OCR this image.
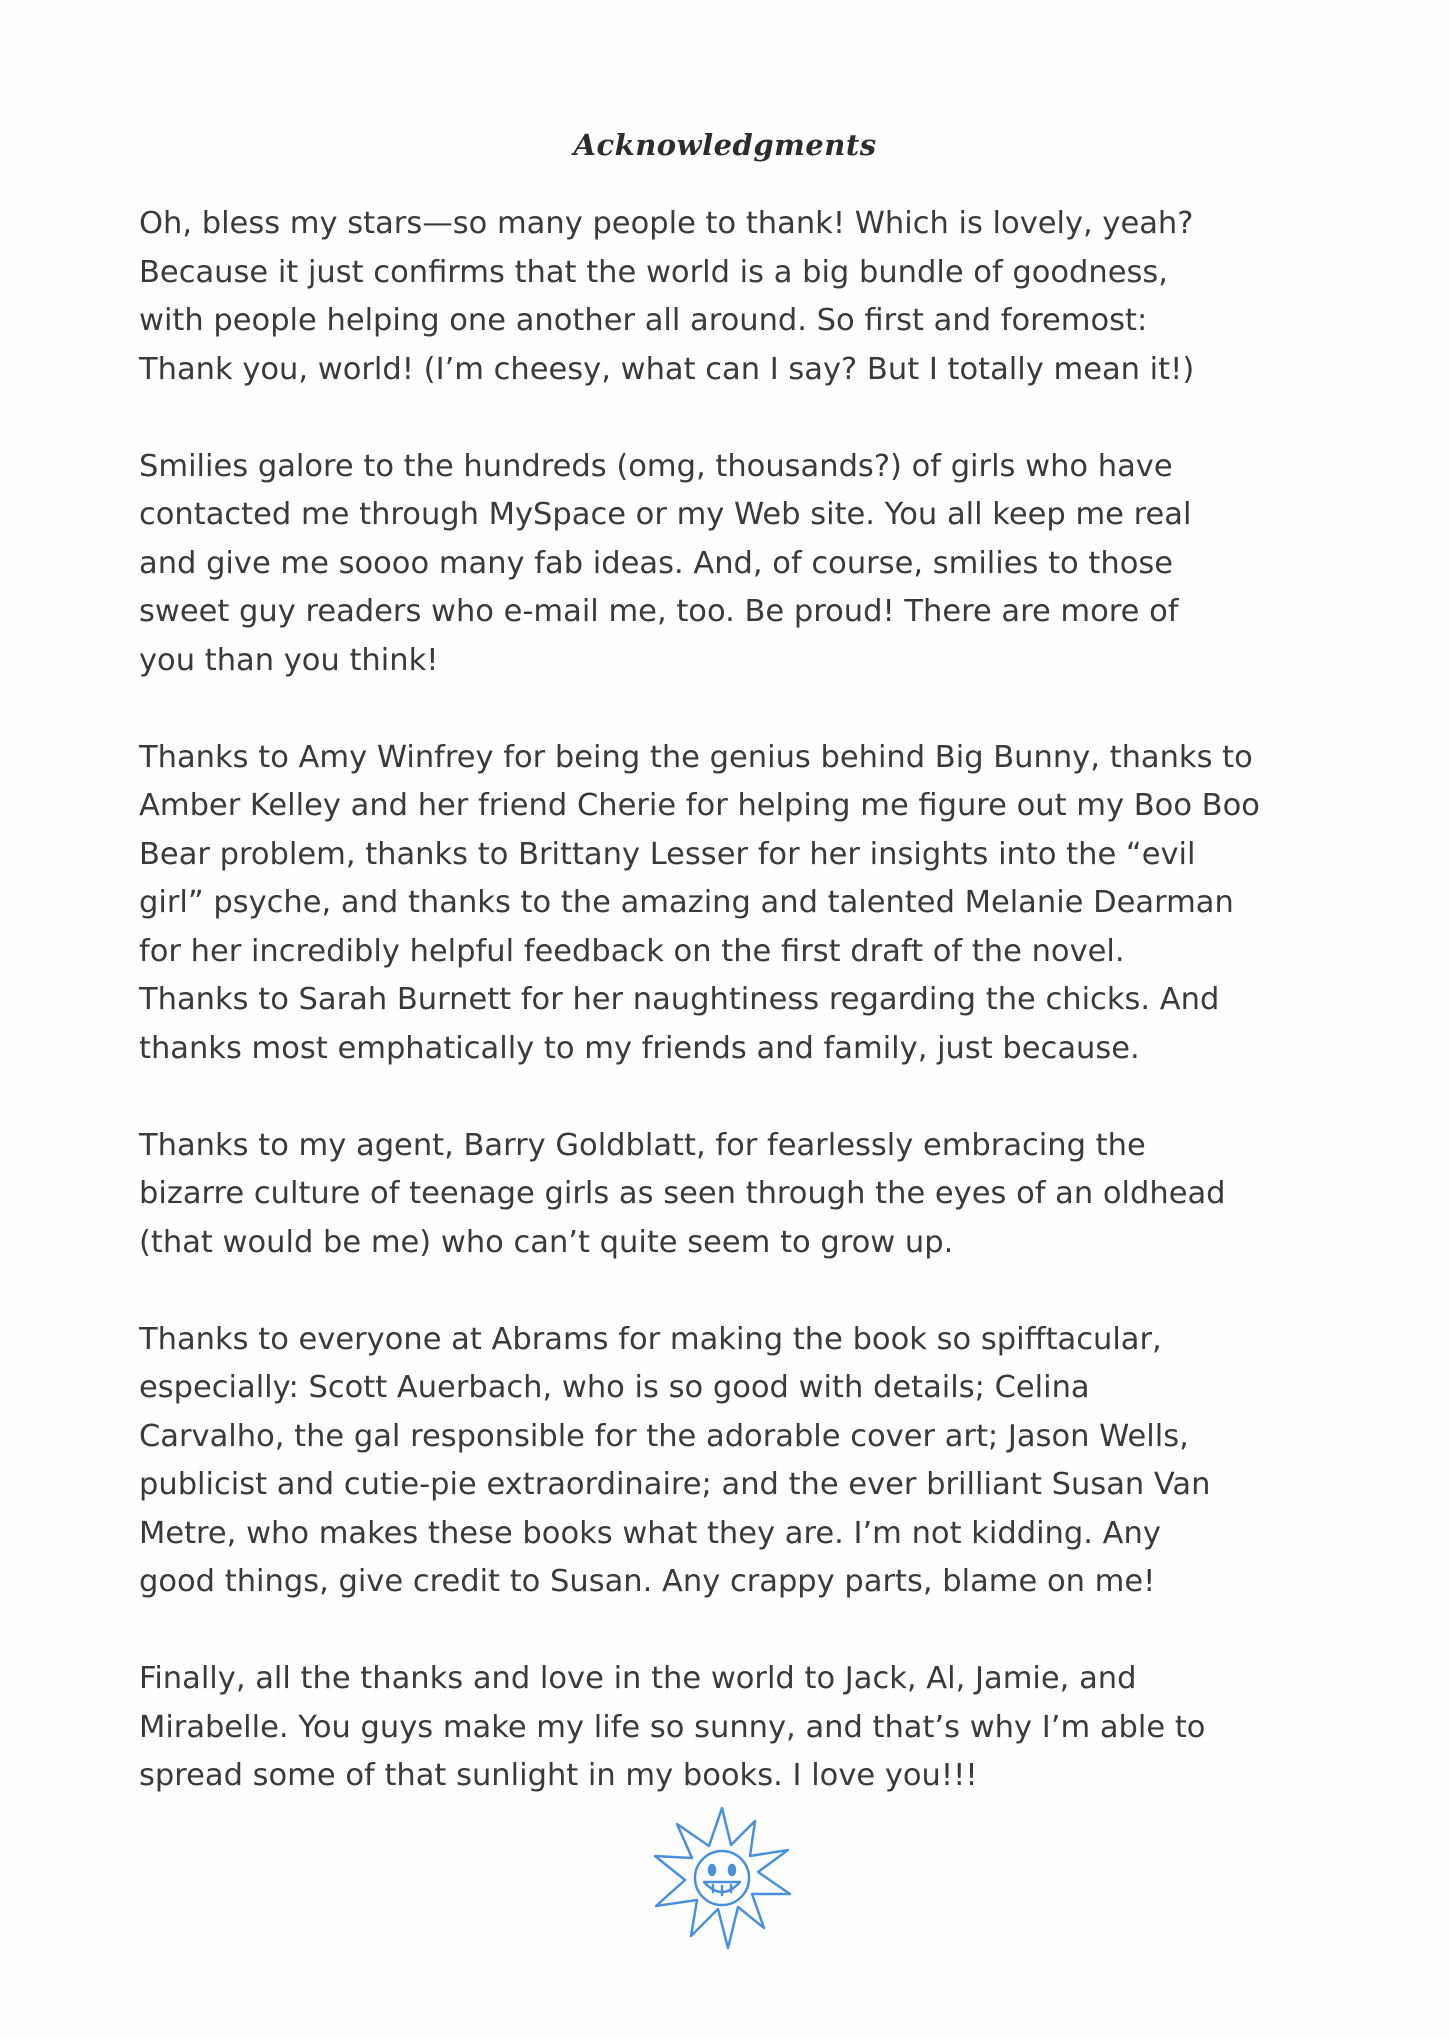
Acknowledgments

Oh, bless my stars—so many people to thank! Which is lovely, yeah?
Because it just confirms that the world is a big bundle of goodness,
with people helping one another all around. So first and foremost:
Thank you, world! (I’m cheesy, what can I say? But I totally mean it!)

Smilies galore to the hundreds (omg, thousands?) of girls who have
contacted me through MySpace or my Web site. You all keep me real
and give me soooo many fab ideas. And, of course, smilies to those
sweet guy readers who e-mail me, too. Be proud! There are more of
you than you think!

Thanks to Amy Winfrey for being the genius behind Big Bunny, thanks to
Amber Kelley and her friend Cherie for helping me figure out my Boo Boo
Bear problem, thanks to Brittany Lesser for her insights into the “evil
girl” psyche, and thanks to the amazing and talented Melanie Dearman
for her incredibly helpful feedback on the first draft of the novel.
Thanks to Sarah Burnett for her naughtiness regarding the chicks. And
thanks most emphatically to my friends and family, just because.

Thanks to my agent, Barry Goldblatt, for fearlessly embracing the
bizarre culture of teenage girls as seen through the eyes of an oldhead
(that would be me) who can’t quite seem to grow up.

Thanks to everyone at Abrams for making the book so spifftacular,
especially: Scott Auerbach, who is so good with details; Celina
Carvalho, the gal responsible for the adorable cover art; Jason Wells,
publicist and cutie-pie extraordinaire; and the ever brilliant Susan Van
Metre, who makes these books what they are. I’m not kidding. Any
good things, give credit to Susan. Any crappy parts, blame on me!

Finally, all the thanks and love in the world to Jack, Al, Jamie, and
Mirabelle. You guys make my life so sunny, and that’s why I’m able to
spread some of that sunlight in my books. I love you!!!
